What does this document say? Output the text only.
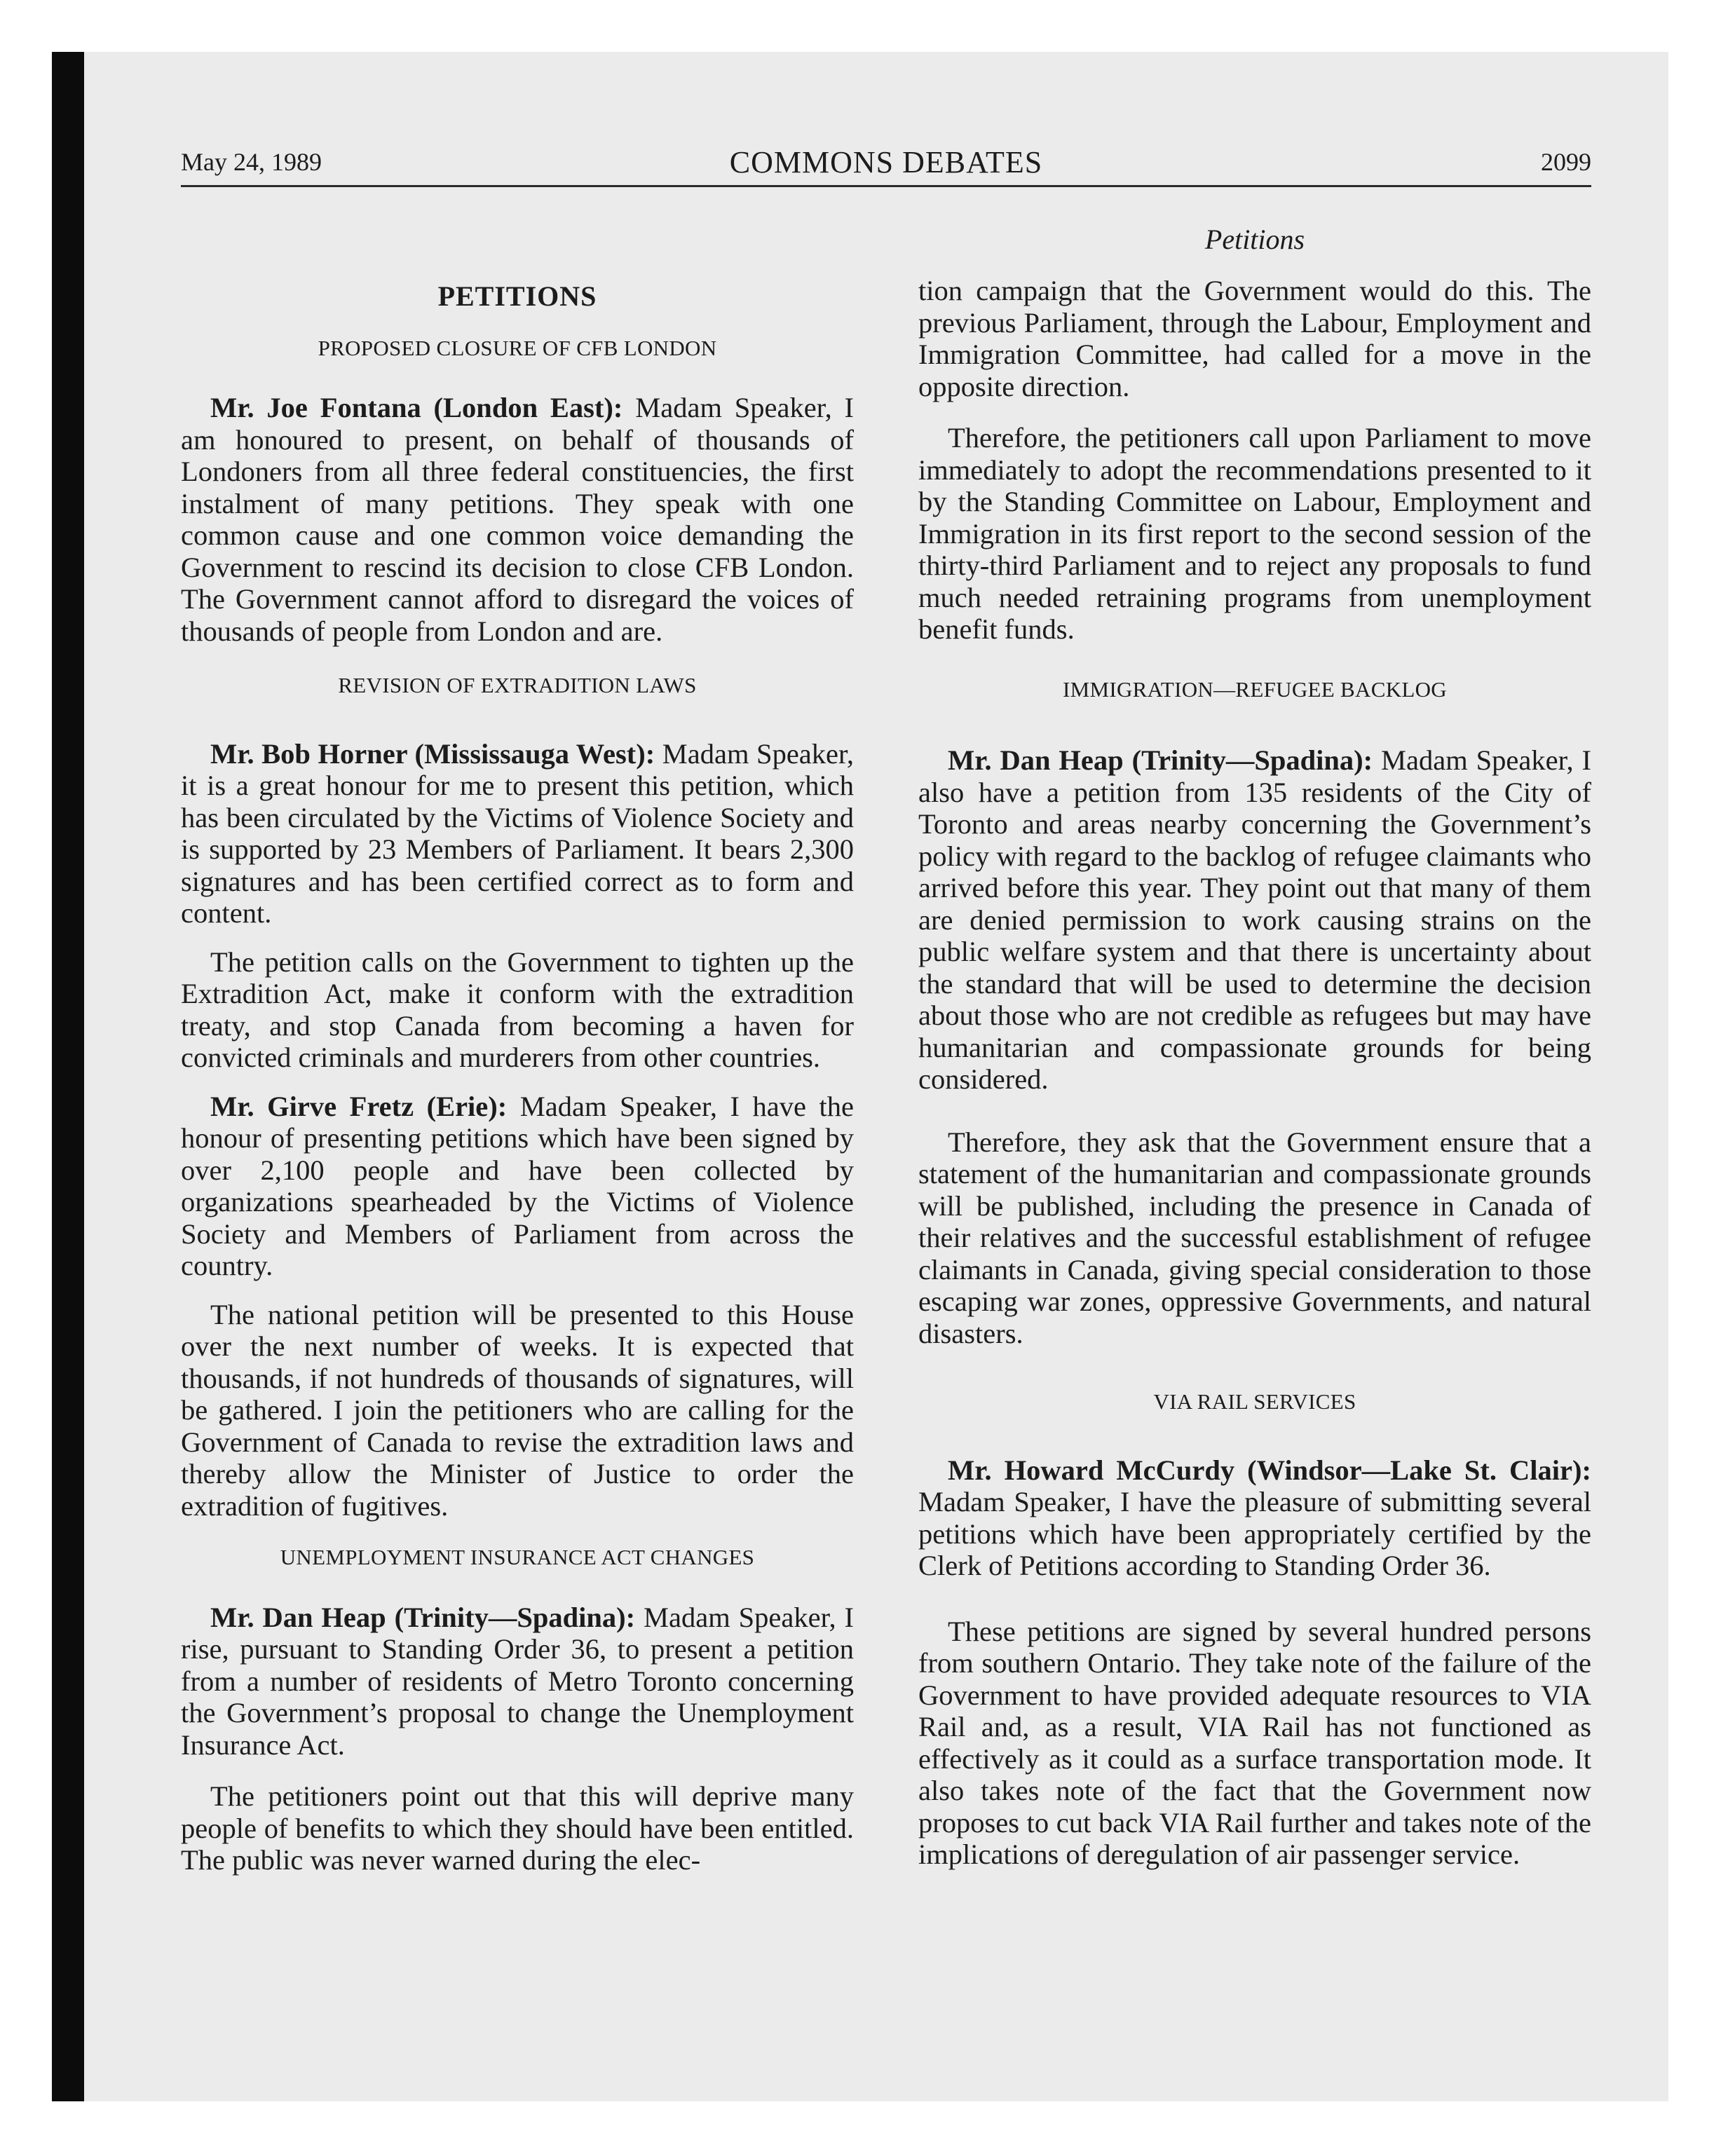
May 24, 1989	COMMONS DEBATES	2099
Petitions
PETITIONS
PROPOSED CLOSURE OF CFB LONDON

Mr. Joe Fontana (London East): Madam Speaker, I am honoured to present, on behalf of thousands of Londoners from all three federal constituencies, the first instalment of many petitions. They speak with one common cause and one common voice demanding the Government to rescind its decision to close CFB London. The Government cannot afford to disregard the voices of thousands of people from London and are.

REVISION OF EXTRADITION LAWS

Mr. Bob Horner (Mississauga West): Madam Speaker, it is a great honour for me to present this petition, which has been circulated by the Victims of Violence Society and is supported by 23 Members of Parliament. It bears 2,300 signatures and has been certified correct as to form and content.

The petition calls on the Government to tighten up the Extradition Act, make it conform with the extradition treaty, and stop Canada from becoming a haven for convicted criminals and murderers from other countries.

Mr. Girve Fretz (Erie): Madam Speaker, I have the honour of presenting petitions which have been signed by over 2,100 people and have been collected by organizations spearheaded by the Victims of Violence Society and Members of Parliament from across the country.

The national petition will be presented to this House over the next number of weeks. It is expected that thousands, if not hundreds of thousands of signatures, will be gathered. I join the petitioners who are calling for the Government of Canada to revise the extradition laws and thereby allow the Minister of Justice to order the extradition of fugitives.

UNEMPLOYMENT INSURANCE ACT CHANGES

Mr. Dan Heap (Trinity—Spadina): Madam Speaker, I rise, pursuant to Standing Order 36, to present a petition from a number of residents of Metro Toronto concerning the Government’s proposal to change the Unemployment Insurance Act.

The petitioners point out that this will deprive many people of benefits to which they should have been entitled. The public was never warned during the elec-

tion campaign that the Government would do this. The previous Parliament, through the Labour, Employment and Immigration Committee, had called for a move in the opposite direction.

Therefore, the petitioners call upon Parliament to move immediately to adopt the recommendations presented to it by the Standing Committee on Labour, Employment and Immigration in its first report to the second session of the thirty-third Parliament and to reject any proposals to fund much needed retraining programs from unemployment benefit funds.

IMMIGRATION—REFUGEE BACKLOG

Mr. Dan Heap (Trinity—Spadina): Madam Speaker, I also have a petition from 135 residents of the City of Toronto and areas nearby concerning the Government’s policy with regard to the backlog of refugee claimants who arrived before this year. They point out that many of them are denied permission to work causing strains on the public welfare system and that there is uncertainty about the standard that will be used to determine the decision about those who are not credible as refugees but may have humanitarian and compassionate grounds for being considered.

Therefore, they ask that the Government ensure that a statement of the humanitarian and compassionate grounds will be published, including the presence in Canada of their relatives and the successful establishment of refugee claimants in Canada, giving special consideration to those escaping war zones, oppressive Governments, and natural disasters.

VIA RAIL SERVICES

Mr. Howard McCurdy (Windsor—Lake St. Clair): Madam Speaker, I have the pleasure of submitting several petitions which have been appropriately certified by the Clerk of Petitions according to Standing Order 36.

These petitions are signed by several hundred persons from southern Ontario. They take note of the failure of the Government to have provided adequate resources to VIA Rail and, as a result, VIA Rail has not functioned as effectively as it could as a surface transportation mode. It also takes note of the fact that the Government now proposes to cut back VIA Rail further and takes note of the implications of deregulation of air passenger service.
